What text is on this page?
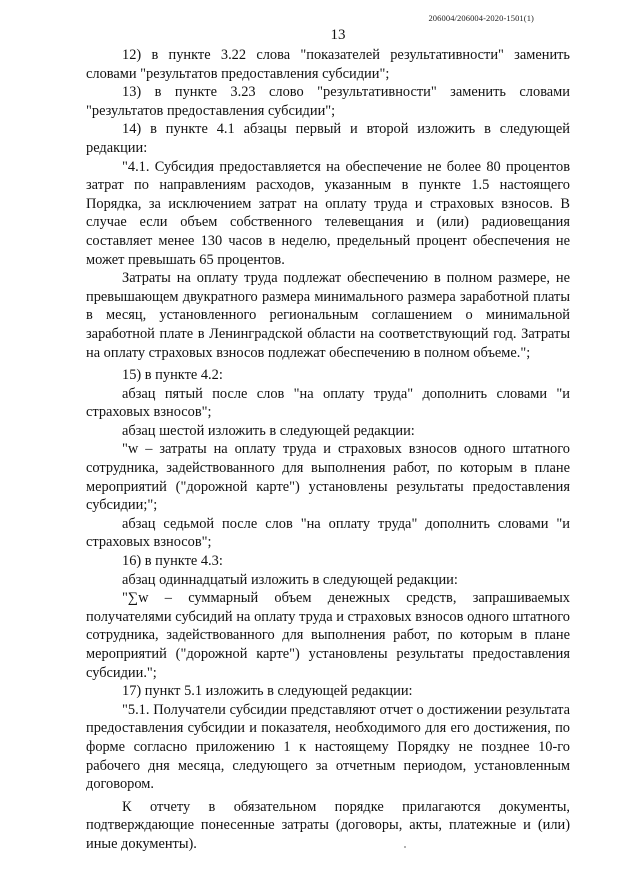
206004/206004-2020-1501(1)
13

12) в пункте 3.22 слова "показателей результативности" заменить словами "результатов предоставления субсидии";

13) в пункте 3.23 слово "результативности" заменить словами "результатов предоставления субсидии";

14) в пункте 4.1 абзацы первый и второй изложить в следующей редакции:

"4.1. Субсидия предоставляется на обеспечение не более 80 процентов затрат по направлениям расходов, указанным в пункте 1.5 настоящего Порядка, за исключением затрат на оплату труда и страховых взносов. В случае если объем собственного телевещания и (или) радиовещания составляет менее 130 часов в неделю, предельный процент обеспечения не может превышать 65 процентов.

Затраты на оплату труда подлежат обеспечению в полном размере, не превышающем двукратного размера минимального размера заработной платы в месяц, установленного региональным соглашением о минимальной заработной плате в Ленинградской области на соответствующий год. Затраты на оплату страховых взносов подлежат обеспечению в полном объеме.";

15) в пункте 4.2:

абзац пятый после слов "на оплату труда" дополнить словами "и страховых взносов";

абзац шестой изложить в следующей редакции:

"w – затраты на оплату труда и страховых взносов одного штатного сотрудника, задействованного для выполнения работ, по которым в плане мероприятий ("дорожной карте") установлены результаты предоставления субсидии;";

абзац седьмой после слов "на оплату труда" дополнить словами "и страховых взносов";

16) в пункте 4.3:

абзац одиннадцатый изложить в следующей редакции:

"∑w – суммарный объем денежных средств, запрашиваемых получателями субсидий на оплату труда и страховых взносов одного штатного сотрудника, задействованного для выполнения работ, по которым в плане мероприятий ("дорожной карте") установлены результаты предоставления субсидии.";

17) пункт 5.1 изложить в следующей редакции:

"5.1. Получатели субсидии представляют отчет о достижении результата предоставления субсидии и показателя, необходимого для его достижения, по форме согласно приложению 1 к настоящему Порядку не позднее 10-го рабочего дня месяца, следующего за отчетным периодом, установленным договором.

К отчету в обязательном порядке прилагаются документы, подтверждающие понесенные затраты (договоры, акты, платежные и (или) иные документы).
